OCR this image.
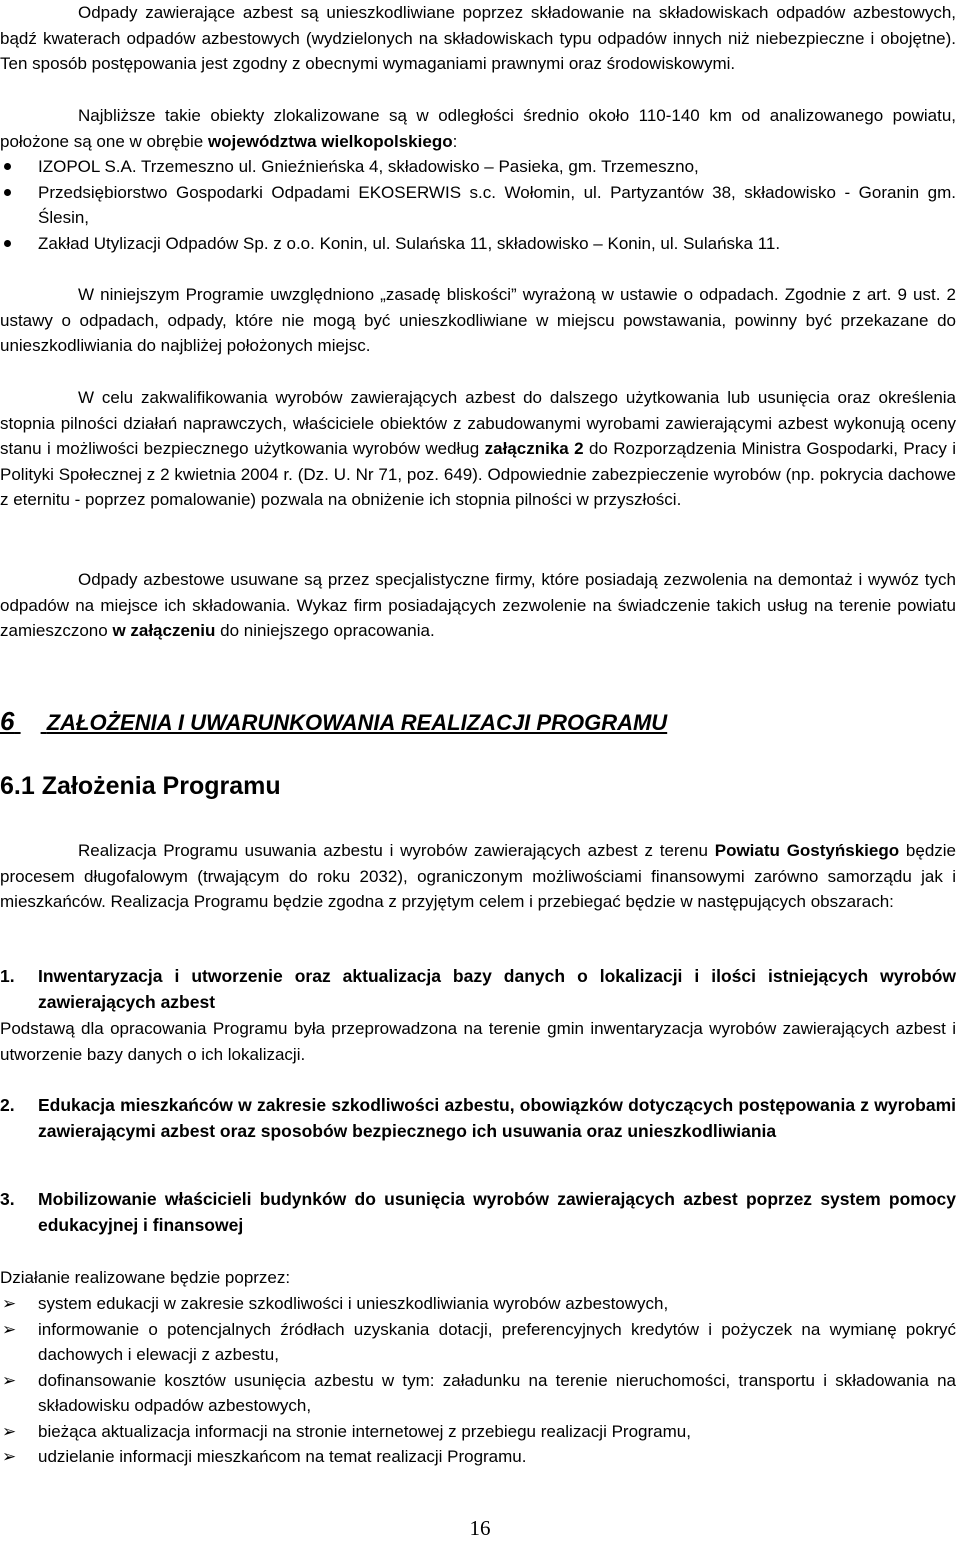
Odpady zawierające azbest są unieszkodliwiane poprzez składowanie na składowiskach odpadów azbestowych, bądź kwaterach odpadów azbestowych (wydzielonych na składowiskach typu odpadów innych niż niebezpieczne i obojętne). Ten sposób postępowania jest zgodny z obecnymi wymaganiami prawnymi oraz środowiskowymi.

Najbliższe takie obiekty zlokalizowane są w odległości średnio około 110-140 km od analizowanego powiatu, położone są one w obrębie województwa wielkopolskiego:

IZOPOL S.A. Trzemeszno ul. Gnieźnieńska 4, składowisko – Pasieka, gm. Trzemeszno,
Przedsiębiorstwo Gospodarki Odpadami EKOSERWIS s.c. Wołomin, ul. Partyzantów 38, składowisko - Goranin gm. Ślesin,
Zakład Utylizacji Odpadów Sp. z o.o. Konin, ul. Sulańska 11, składowisko – Konin, ul. Sulańska 11.

W niniejszym Programie uwzględniono „zasadę bliskości” wyrażoną w ustawie o odpadach. Zgodnie z art. 9 ust. 2 ustawy o odpadach, odpady, które nie mogą być unieszkodliwiane w miejscu powstawania, powinny być przekazane do unieszkodliwiania do najbliżej położonych miejsc.

W celu zakwalifikowania wyrobów zawierających azbest do dalszego użytkowania lub usunięcia oraz określenia stopnia pilności działań naprawczych, właściciele obiektów z zabudowanymi wyrobami zawierającymi azbest wykonują oceny stanu i możliwości bezpiecznego użytkowania wyrobów według załącznika 2 do Rozporządzenia Ministra Gospodarki, Pracy i Polityki Społecznej z 2 kwietnia 2004 r. (Dz. U. Nr 71, poz. 649). Odpowiednie zabezpieczenie wyrobów (np. pokrycia dachowe z eternitu - poprzez pomalowanie) pozwala na obniżenie ich stopnia pilności w przyszłości.

Odpady azbestowe usuwane są przez specjalistyczne firmy, które posiadają zezwolenia na demontaż i wywóz tych odpadów na miejsce ich składowania. Wykaz firm posiadających zezwolenie na świadczenie takich usług na terenie powiatu zamieszczono w załączeniu do niniejszego opracowania.

6 ZAŁOŻENIA I UWARUNKOWANIA REALIZACJI PROGRAMU
6.1 Założenia Programu

Realizacja Programu usuwania azbestu i wyrobów zawierających azbest z terenu Powiatu Gostyńskiego będzie procesem długofalowym (trwającym do roku 2032), ograniczonym możliwościami finansowymi zarówno samorządu jak i mieszkańców. Realizacja Programu będzie zgodna z przyjętym celem i przebiegać będzie w następujących obszarach:

1.	Inwentaryzacja i utworzenie oraz aktualizacja bazy danych o lokalizacji i ilości istniejących wyrobów zawierających azbest

Podstawą dla opracowania Programu była przeprowadzona na terenie gmin inwentaryzacja wyrobów zawierających azbest i utworzenie bazy danych o ich lokalizacji.

2.	Edukacja mieszkańców w zakresie szkodliwości azbestu, obowiązków dotyczących postępowania z wyrobami zawierającymi azbest oraz sposobów bezpiecznego ich usuwania oraz unieszkodliwiania
3.	Mobilizowanie właścicieli budynków do usunięcia wyrobów zawierających azbest poprzez system pomocy edukacyjnej i finansowej

Działanie realizowane będzie poprzez:

➢ system edukacji w zakresie szkodliwości i unieszkodliwiania wyrobów azbestowych,
➢ informowanie o potencjalnych źródłach uzyskania dotacji, preferencyjnych kredytów i pożyczek na wymianę pokryć dachowych i elewacji z azbestu,
➢ dofinansowanie kosztów usunięcia azbestu w tym: załadunku na terenie nieruchomości, transportu i składowania na składowisku odpadów azbestowych,
➢ bieżąca aktualizacja informacji na stronie internetowej z przebiegu realizacji Programu,
➢ udzielanie informacji mieszkańcom na temat realizacji Programu.
16
